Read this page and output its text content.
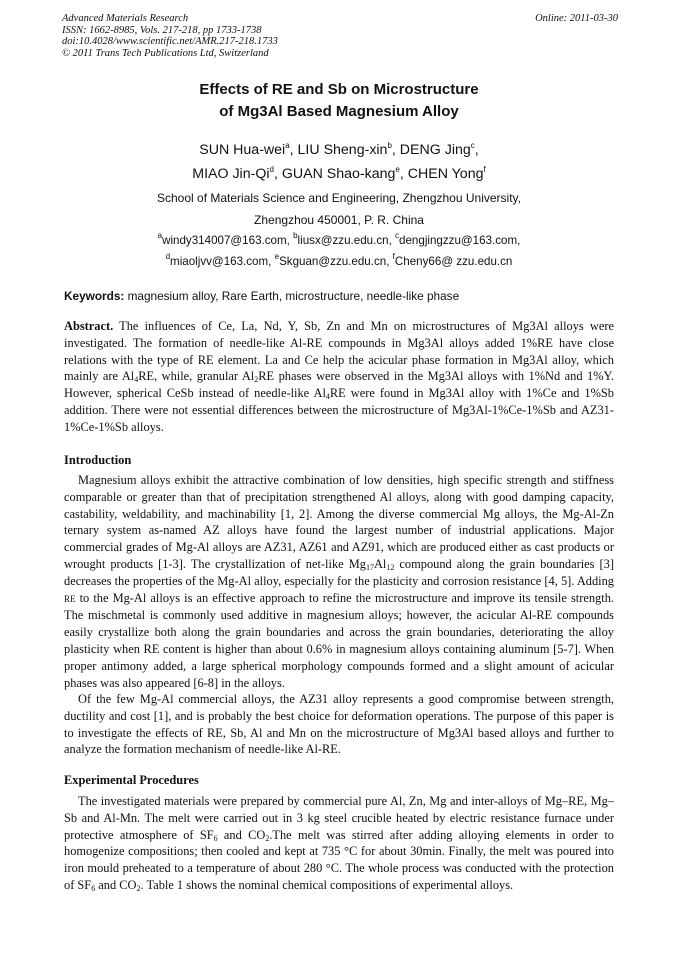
Advanced Materials Research
ISSN: 1662-8985, Vols. 217-218, pp 1733-1738
doi:10.4028/www.scientific.net/AMR.217-218.1733
© 2011 Trans Tech Publications Ltd, Switzerland
Online: 2011-03-30
Effects of RE and Sb on Microstructure
of Mg3Al Based Magnesium Alloy
SUN Hua-wei$^a$, LIU Sheng-xin$^b$, DENG Jing$^c$,
MIAO Jin-Qi$^d$, GUAN Shao-kang$^e$, CHEN Yong$^f$
School of Materials Science and Engineering, Zhengzhou University,
Zhengzhou 450001, P. R. China
$^a$windy314007@163.com, $^b$liusx@zzu.edu.cn, $^c$dengjingzzu@163.com,
$^d$miaoljvv@163.com, $^e$Skguan@zzu.edu.cn, $^f$Cheny66@ zzu.edu.cn
Keywords: magnesium alloy, Rare Earth, microstructure, needle-like phase
Abstract. The influences of Ce, La, Nd, Y, Sb, Zn and Mn on microstructures of Mg3Al alloys were investigated. The formation of needle-like Al-RE compounds in Mg3Al alloys added 1%RE have close relations with the type of RE element. La and Ce help the acicular phase formation in Mg3Al alloy, which mainly are $Al_4RE$, while, granular $Al_2RE$ phases were observed in the Mg3Al alloys with 1%Nd and 1%Y. However, spherical CeSb instead of needle-like $Al_4RE$ were found in Mg3Al alloy with 1%Ce and 1%Sb addition. There were not essential differences between the microstructure of Mg3Al-1%Ce-1%Sb and AZ31-1%Ce-1%Sb alloys.
Introduction
Magnesium alloys exhibit the attractive combination of low densities, high specific strength and stiffness comparable or greater than that of precipitation strengthened Al alloys, along with good damping capacity, castability, weldability, and machinability [1, 2]. Among the diverse commercial Mg alloys, the Mg-Al-Zn ternary system as-named AZ alloys have found the largest number of industrial applications. Major commercial grades of Mg-Al alloys are AZ31, AZ61 and AZ91, which are produced either as cast products or wrought products [1-3]. The crystallization of net-like $Mg_{17}Al_{12}$ compound along the grain boundaries [3] decreases the properties of the Mg-Al alloy, especially for the plasticity and corrosion resistance [4, 5]. Adding RE to the Mg-Al alloys is an effective approach to refine the microstructure and improve its tensile strength. The mischmetal is commonly used additive in magnesium alloys; however, the acicular Al-RE compounds easily crystallize both along the grain boundaries and across the grain boundaries, deteriorating the alloy plasticity when RE content is higher than about 0.6% in magnesium alloys containing aluminum [5-7]. When proper antimony added, a large spherical morphology compounds formed and a slight amount of acicular phases was also appeared [6-8] in the alloys.
Of the few Mg-Al commercial alloys, the AZ31 alloy represents a good compromise between strength, ductility and cost [1], and is probably the best choice for deformation operations. The purpose of this paper is to investigate the effects of RE, Sb, Al and Mn on the microstructure of Mg3Al based alloys and further to analyze the formation mechanism of needle-like Al-RE.
Experimental Procedures
The investigated materials were prepared by commercial pure Al, Zn, Mg and inter-alloys of Mg–RE, Mg–Sb and Al-Mn. The melt were carried out in 3 kg steel crucible heated by electric resistance furnace under protective atmosphere of $SF_6$ and $CO_2.The$ melt was stirred after adding alloying elements in order to homogenize compositions; then cooled and kept at 735 °C for about 30min. Finally, the melt was poured into iron mould preheated to a temperature of about 280 °C. The whole process was conducted with the protection of $SF_6$ and $CO_2$. Table 1 shows the nominal chemical compositions of experimental alloys.
